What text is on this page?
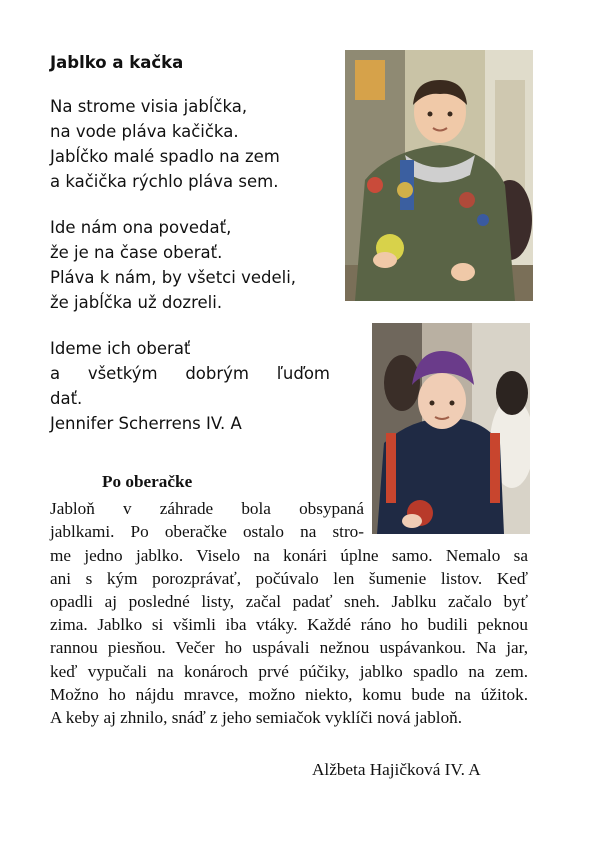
Jablko a kačka
Na strome visia jabĺčka,
na vode pláva kačička.
Jabĺčko malé spadlo na zem
a kačička rýchlo pláva sem.
Ide nám ona povedať,
že je na čase oberať.
Pláva k nám, by všetci vedeli,
že jabĺčka už dozreli.
Ideme ich oberať
a všetkým dobrým ľuďom
dať.
Jennifer Scherrens IV. A
Po oberačke
Jabloň v záhrade bola obsypaná
jablkami. Po oberačke ostalo na stro-
me jedno jablko. Viselo na konári úplne samo. Nemalo sa
ani s kým porozprávať, počúvalo len šumenie listov. Keď
opadli aj posledné listy, začal padať sneh. Jablku začalo byť
zima. Jablko si všimli iba vtáky. Každé ráno ho budili peknou
rannou piesňou. Večer ho uspávali nežnou uspávankou. Na jar,
keď vypučali na konároch prvé púčiky, jablko spadlo na zem.
Možno ho nájdu mravce, možno niekto, komu bude na úžitok.
A keby aj zhnilo, snáď z jeho semiačok vyklíči nová jabloň.
Alžbeta Hajičková IV. A
